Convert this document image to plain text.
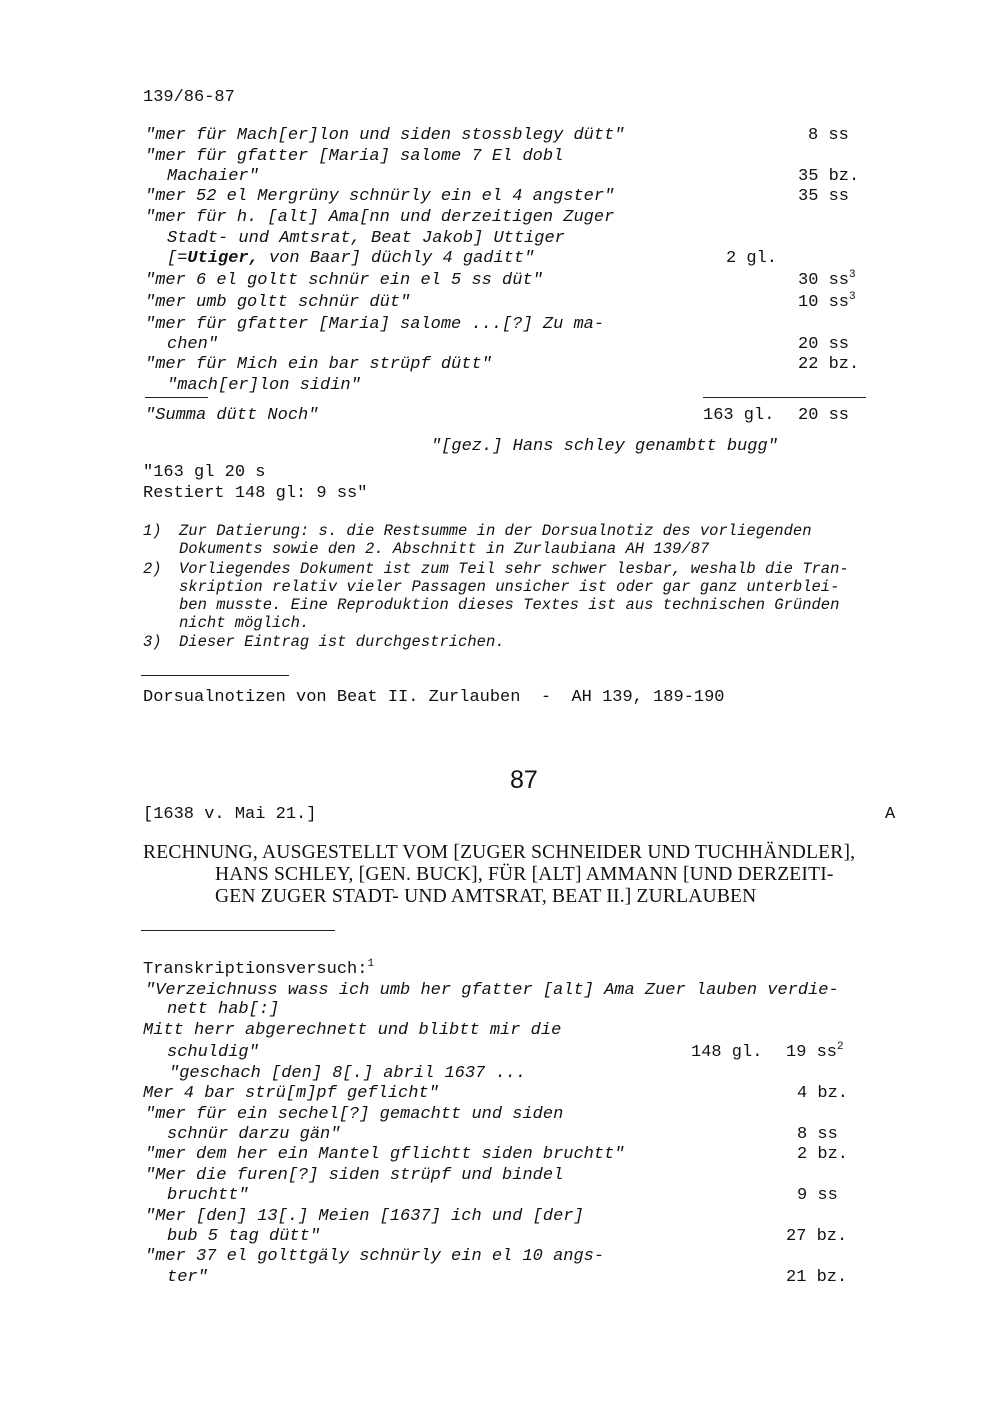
139/86-87
"mer für Mach[er]lon und siden stossblegy dütt"	8 ss
"mer für gfatter [Maria] salome 7 El dobl
Machaier"	35 bz.
"mer 52 el Mergrüny schnürly ein el 4 angster"	35 ss
"mer für h. [alt] Ama[nn und derzeitigen Zuger
Stadt- und Amtsrat, Beat Jakob] Uttiger
[=Utiger, von Baar] düchly 4 gaditt"	2 gl.
"mer 6 el goltt schnür ein el 5 ss düt"	30 $ss^3$
"mer umb goltt schnür düt"	10 $ss^3$
"mer für gfatter [Maria] salome ...[?] Zu ma-
chen"	20 ss
"mer für Mich ein bar strüpf dütt"	22 bz.
"mach[er]lon sidin"
"Summa dütt Noch"	163 gl. 20 ss
"[gez.] Hans schley genambtt bugg"
"163 gl 20 s
Restiert 148 gl: 9 ss"
1) Zur Datierung: s. die Restsumme in der Dorsualnotiz des vorliegenden
Dokuments sowie den 2. Abschnitt in Zurlaubiana AH 139/87
2) Vorliegendes Dokument ist zum Teil sehr schwer lesbar, weshalb die Tran-
skription relativ vieler Passagen unsicher ist oder gar ganz unterblei-
ben musste. Eine Reproduktion dieses Textes ist aus technischen Gründen
nicht möglich.
3) Dieser Eintrag ist durchgestrichen.
Dorsualnotizen von Beat II. Zurlauben  -  AH 139, 189-190
87
[1638 v. Mai 21.]	A
RECHNUNG, AUSGESTELLT VOM [ZUGER SCHNEIDER UND TUCHHÄNDLER],
HANS SCHLEY, [GEN. BUCK], FÜR [ALT] AMMANN [UND DERZEITI-
GEN ZUGER STADT- UND AMTSRAT, BEAT II.] ZURLAUBEN
Transkriptionsversuch:$^1$
"Verzeichnuss wass ich umb her gfatter [alt] Ama Zuer lauben verdie-
nett hab[:]
Mitt herr abgerechnett und blibtt mir die
schuldig"	148 gl. 19 $ss^2$
"geschach [den] 8[.] abril 1637 ...
Mer 4 bar strü[m]pf geflicht"	4 bz.
"mer für ein sechel[?] gemachtt und siden
schnür darzu gän"	8 ss
"mer dem her ein Mantel gflichtt siden bruchtt"	2 bz.
"Mer die furen[?] siden strüpf und bindel
bruchtt"	9 ss
"Mer [den] 13[.] Meien [1637] ich und [der]
bub 5 tag dütt"	27 bz.
"mer 37 el golttgäly schnürly ein el 10 angs-
ter"	21 bz.
